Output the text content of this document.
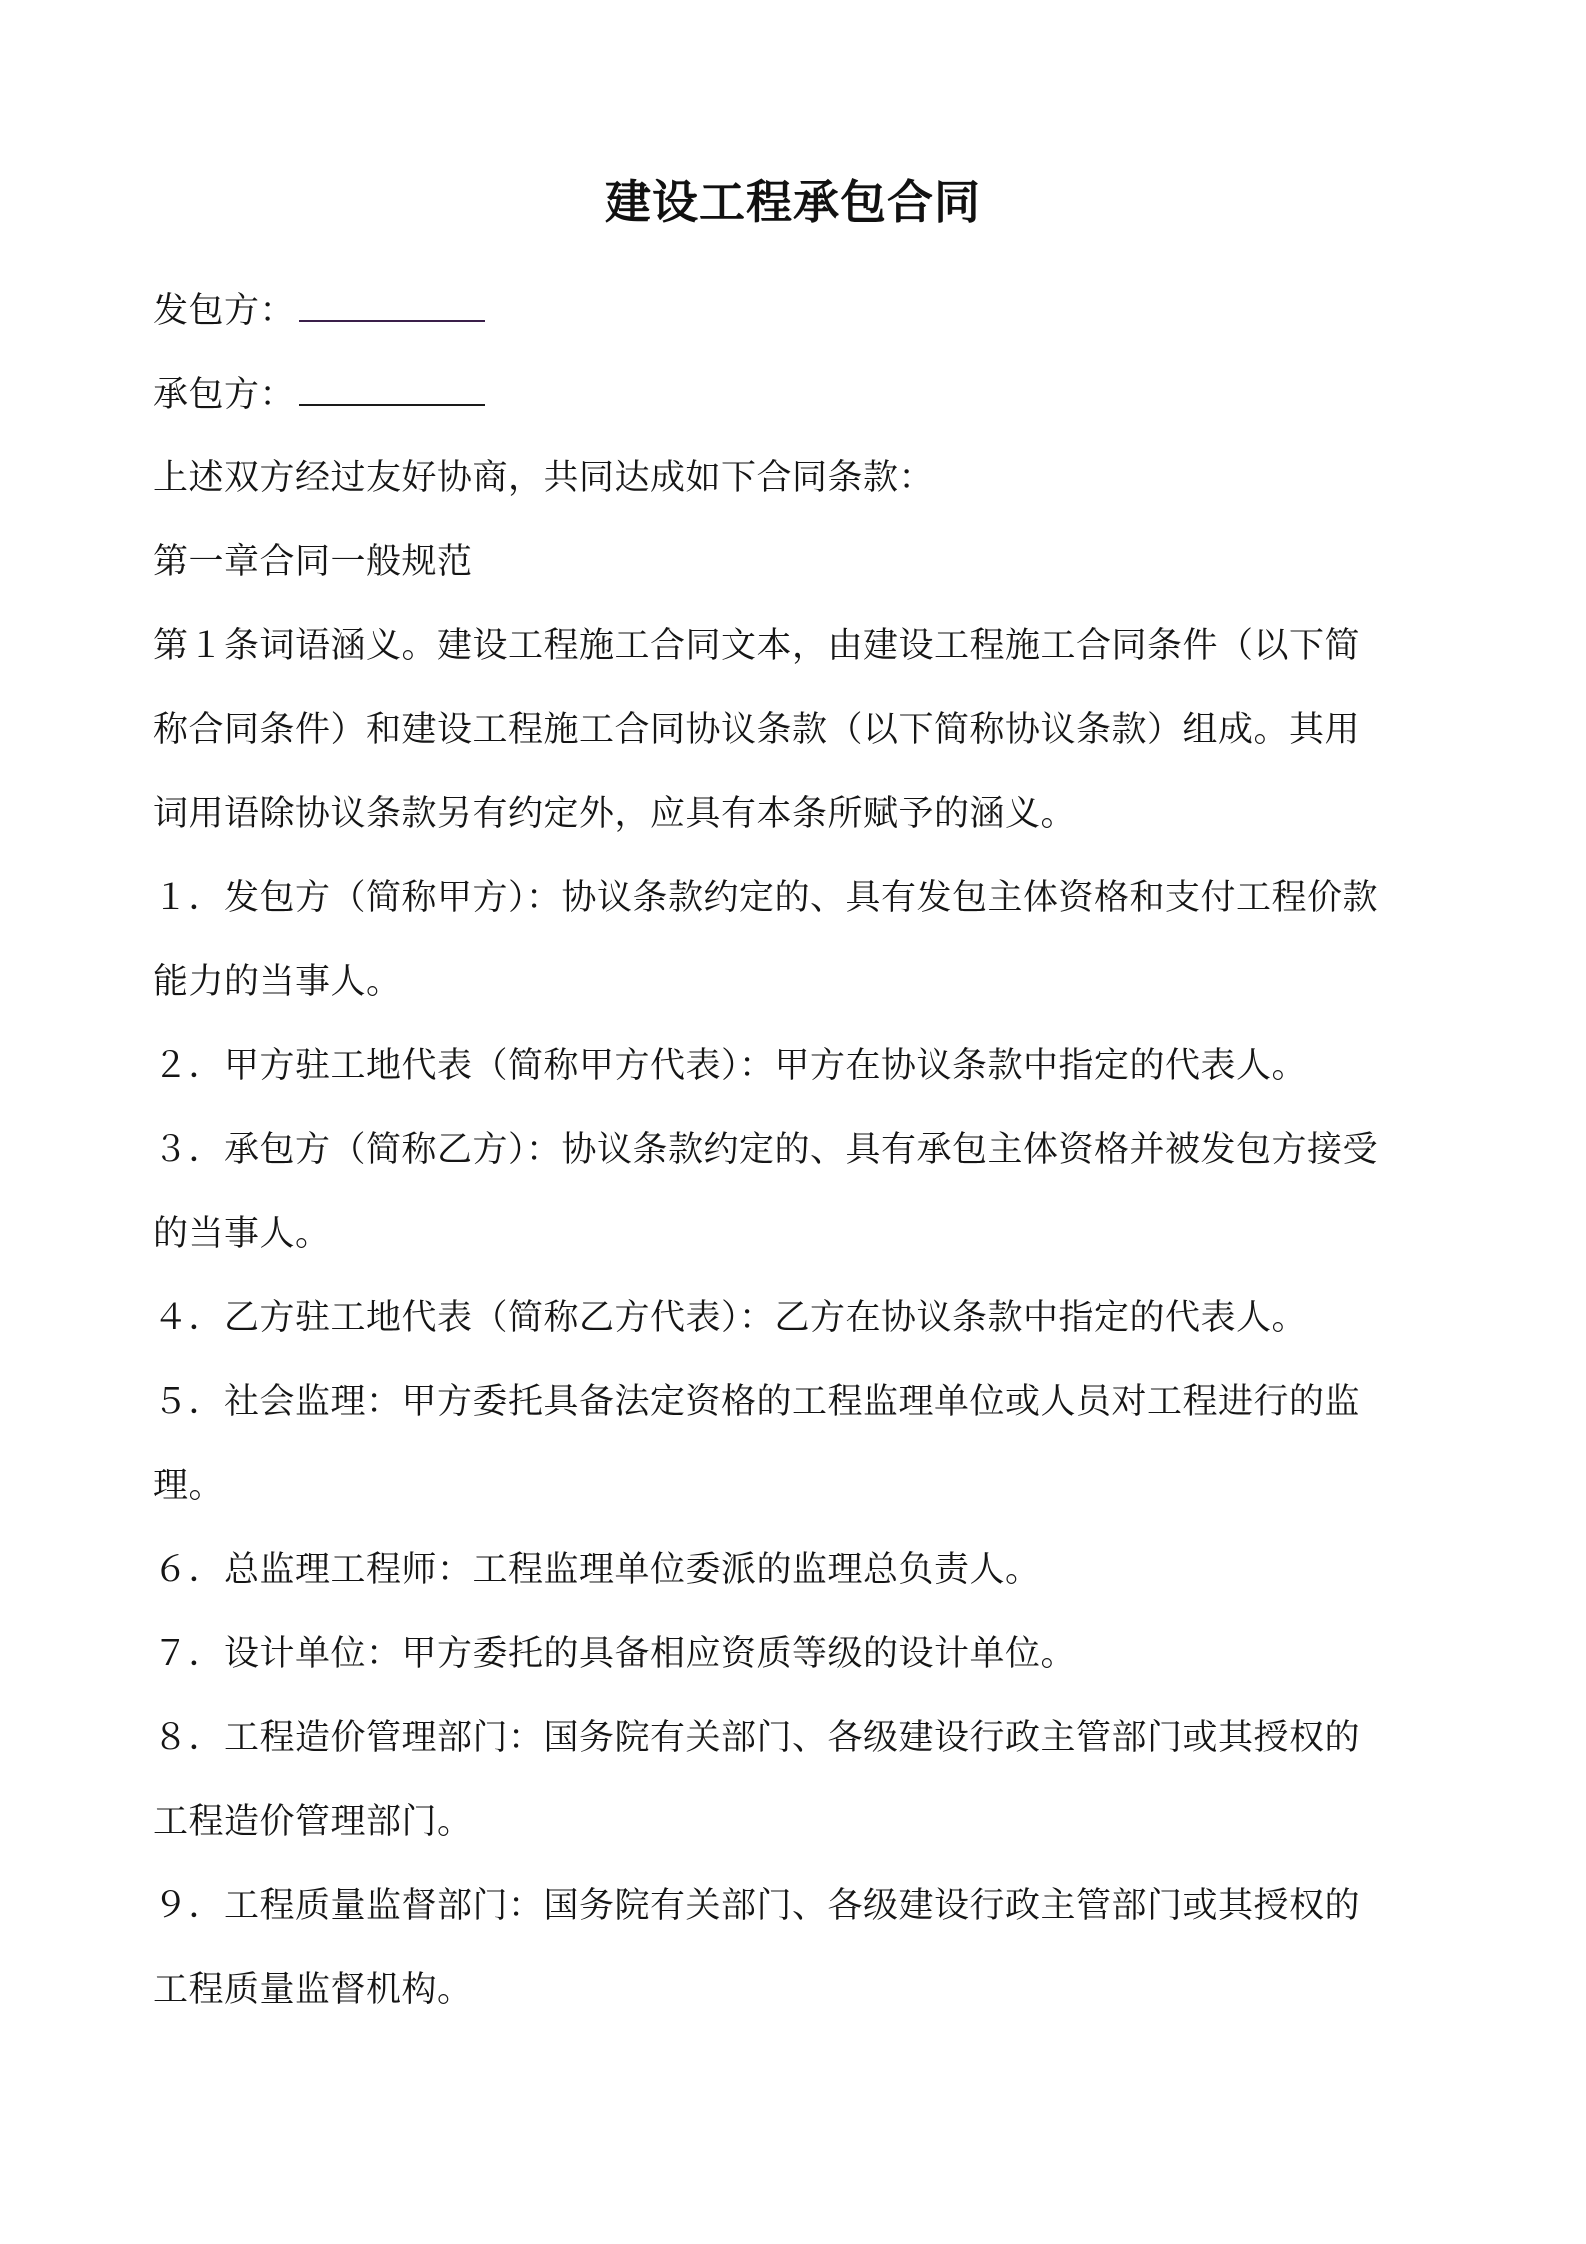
建设工程承包合同
发包方：
承包方：
上述双方经过友好协商，共同达成如下合同条款：
第一章合同一般规范
第１条词语涵义。建设工程施工合同文本，由建设工程施工合同条件（以下简
称合同条件）和建设工程施工合同协议条款（以下简称协议条款）组成。其用
词用语除协议条款另有约定外，应具有本条所赋予的涵义。
１．发包方（简称甲方）：协议条款约定的、具有发包主体资格和支付工程价款
能力的当事人。
２．甲方驻工地代表（简称甲方代表）：甲方在协议条款中指定的代表人。
３．承包方（简称乙方）：协议条款约定的、具有承包主体资格并被发包方接受
的当事人。
４．乙方驻工地代表（简称乙方代表）：乙方在协议条款中指定的代表人。
５．社会监理：甲方委托具备法定资格的工程监理单位或人员对工程进行的监
理。
６．总监理工程师：工程监理单位委派的监理总负责人。
７．设计单位：甲方委托的具备相应资质等级的设计单位。
８．工程造价管理部门：国务院有关部门、各级建设行政主管部门或其授权的
工程造价管理部门。
９．工程质量监督部门：国务院有关部门、各级建设行政主管部门或其授权的
工程质量监督机构。
